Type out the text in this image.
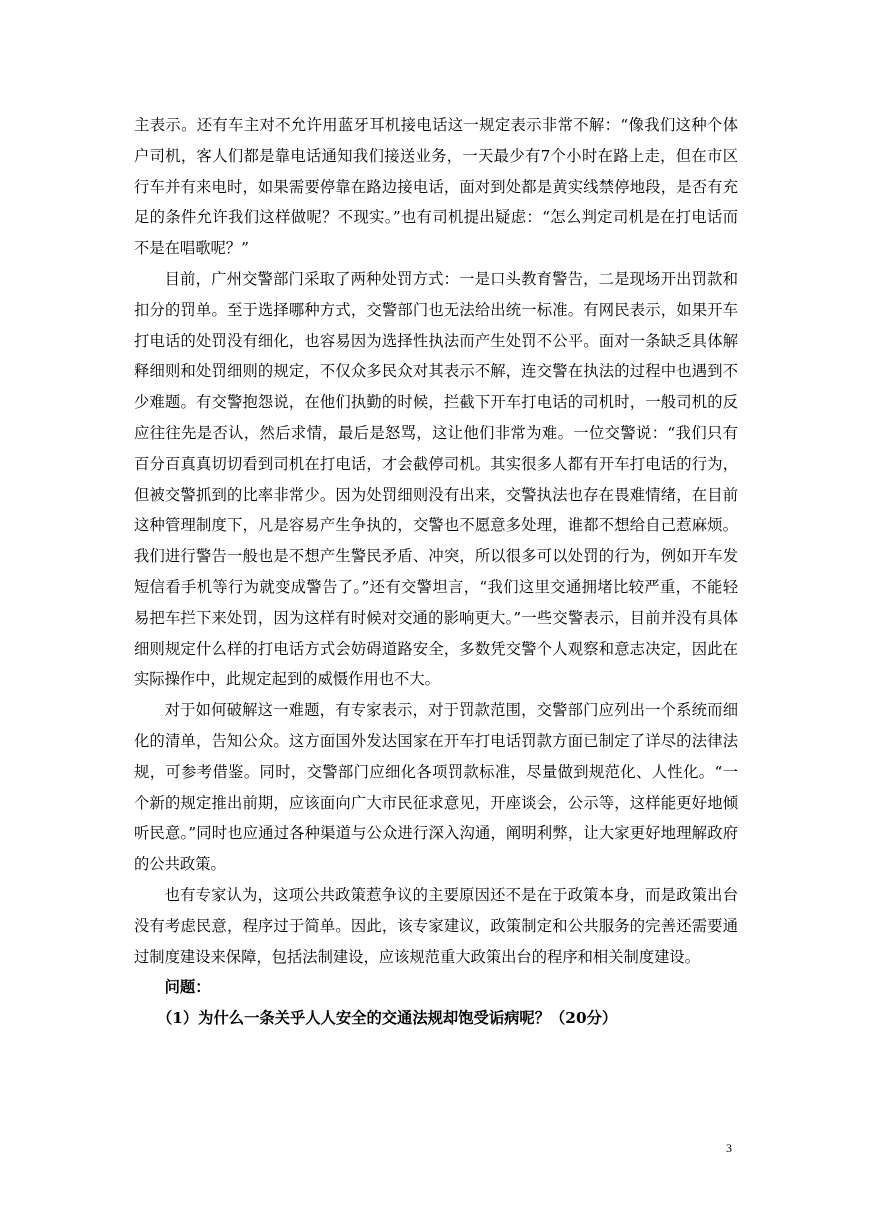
主表示。还有车主对不允许用蓝牙耳机接电话这一规定表示非常不解：“像我们这种个体户司机，客人们都是靠电话通知我们接送业务，一天最少有7个小时在路上走，但在市区行车并有来电时，如果需要停靠在路边接电话，面对到处都是黄实线禁停地段，是否有充足的条件允许我们这样做呢？不现实。”也有司机提出疑虑：“怎么判定司机是在打电话而不是在唱歌呢？”

目前，广州交警部门采取了两种处罚方式：一是口头教育警告，二是现场开出罚款和扣分的罚单。至于选择哪种方式，交警部门也无法给出统一标准。有网民表示，如果开车打电话的处罚没有细化，也容易因为选择性执法而产生处罚不公平。面对一条缺乏具体解释细则和处罚细则的规定，不仅众多民众对其表示不解，连交警在执法的过程中也遇到不少难题。有交警抱怨说，在他们执勤的时候，拦截下开车打电话的司机时，一般司机的反应往往先是否认，然后求情，最后是怒骂，这让他们非常为难。一位交警说：“我们只有百分百真真切切看到司机在打电话，才会截停司机。其实很多人都有开车打电话的行为，但被交警抓到的比率非常少。因为处罚细则没有出来，交警执法也存在畏难情绪，在目前这种管理制度下，凡是容易产生争执的，交警也不愿意多处理，谁都不想给自己惹麻烦。我们进行警告一般也是不想产生警民矛盾、冲突，所以很多可以处罚的行为，例如开车发短信看手机等行为就变成警告了。”还有交警坦言，“我们这里交通拥堵比较严重，不能轻易把车拦下来处罚，因为这样有时候对交通的影响更大。”一些交警表示，目前并没有具体细则规定什么样的打电话方式会妨碍道路安全，多数凭交警个人观察和意志决定，因此在实际操作中，此规定起到的威慑作用也不大。

对于如何破解这一难题，有专家表示，对于罚款范围，交警部门应列出一个系统而细化的清单，告知公众。这方面国外发达国家在开车打电话罚款方面已制定了详尽的法律法规，可参考借鉴。同时，交警部门应细化各项罚款标准，尽量做到规范化、人性化。“一个新的规定推出前期，应该面向广大市民征求意见，开座谈会，公示等，这样能更好地倾听民意。”同时也应通过各种渠道与公众进行深入沟通，阐明利弊，让大家更好地理解政府的公共政策。

也有专家认为，这项公共政策惹争议的主要原因还不是在于政策本身，而是政策出台没有考虑民意，程序过于简单。因此，该专家建议，政策制定和公共服务的完善还需要通过制度建设来保障，包括法制建设，应该规范重大政策出台的程序和相关制度建设。

问题：

（1）为什么一条关乎人人安全的交通法规却饱受诟病呢？（20分）

3
